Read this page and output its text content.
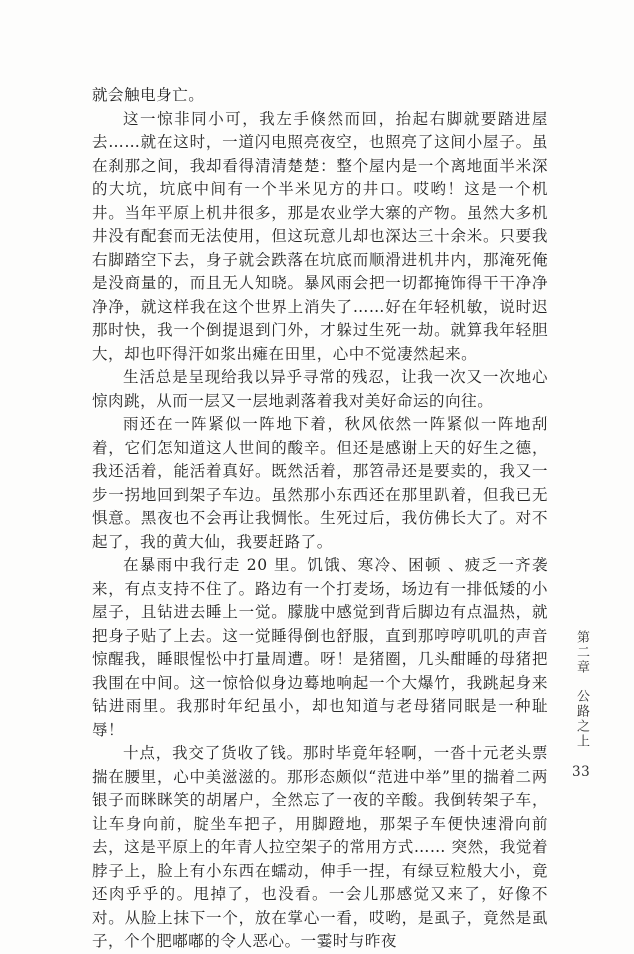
就会触电身亡。

这一惊非同小可，我左手倏然而回，抬起右脚就要踏进屋去……就在这时，一道闪电照亮夜空，也照亮了这间小屋子。虽在刹那之间，我却看得清清楚楚：整个屋内是一个离地面半米深的大坑，坑底中间有一个半米见方的井口。哎哟！这是一个机井。当年平原上机井很多，那是农业学大寨的产物。虽然大多机井没有配套而无法使用，但这玩意儿却也深达三十余米。只要我右脚踏空下去，身子就会跌落在坑底而顺滑进机井内，那淹死俺是没商量的，而且无人知晓。暴风雨会把一切都掩饰得干干净净净净，就这样我在这个世界上消失了……好在年轻机敏，说时迟那时快，我一个倒提退到门外，才躲过生死一劫。就算我年轻胆大，却也吓得汗如浆出瘫在田里，心中不觉凄然起来。

生活总是呈现给我以异乎寻常的残忍，让我一次又一次地心惊肉跳，从而一层又一层地剥落着我对美好命运的向往。

雨还在一阵紧似一阵地下着，秋风依然一阵紧似一阵地刮着，它们怎知道这人世间的酸辛。但还是感谢上天的好生之德，我还活着，能活着真好。既然活着，那笤帚还是要卖的，我又一步一拐地回到架子车边。虽然那小东西还在那里趴着，但我已无惧意。黑夜也不会再让我惆怅。生死过后，我仿佛长大了。对不起了，我的黄大仙，我要赶路了。

在暴雨中我行走 20 里。饥饿、寒冷、困顿 、疲乏一齐袭来，有点支持不住了。路边有一个打麦场，场边有一排低矮的小屋子，且钻进去睡上一觉。朦胧中感觉到背后脚边有点温热，就把身子贴了上去。这一觉睡得倒也舒服，直到那哼哼叽叽的声音惊醒我，睡眼惺忪中打量周遭。呀！是猪圈，几头酣睡的母猪把我围在中间。这一惊恰似身边蓦地响起一个大爆竹，我跳起身来钻进雨里。我那时年纪虽小，却也知道与老母猪同眠是一种耻辱！

十点，我交了货收了钱。那时毕竟年轻啊，一沓十元老头票揣在腰里，心中美滋滋的。那形态颇似“范进中举”里的揣着二两银子而眯眯笑的胡屠户，全然忘了一夜的辛酸。我倒转架子车，让车身向前，腚坐车把子，用脚蹬地，那架子车便快速滑向前去，这是平原上的年青人拉空架子的常用方式…… 突然，我觉着脖子上，脸上有小东西在蠕动，伸手一捏，有绿豆粒般大小，竟还肉乎乎的。甩掉了，也没看。一会儿那感觉又来了，好像不对。从脸上抹下一个，放在掌心一看，哎哟，是虱子，竟然是虱子，个个肥嘟嘟的令人恶心。一霎时与昨夜

第二章公路之上
33
